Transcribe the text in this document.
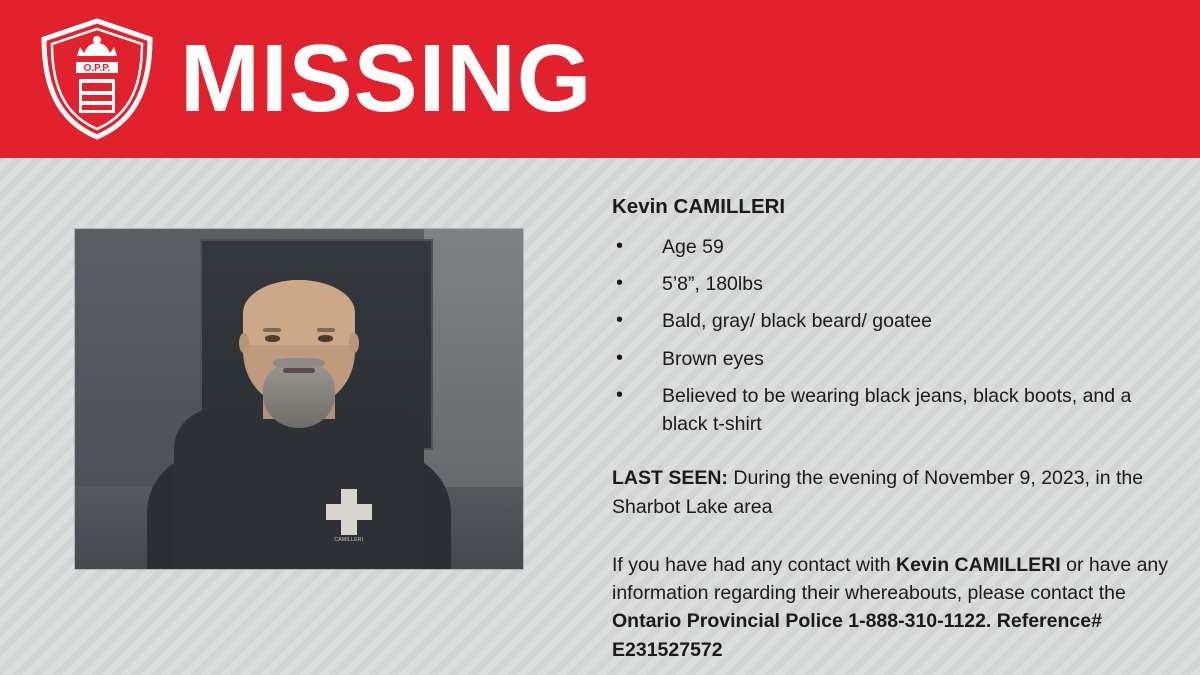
O.P.P. MISSING
CAMILLERI
Kevin CAMILLERI
• Age 59
• 5’8”, 180lbs
• Bald, gray/ black beard/ goatee
• Brown eyes
• Believed to be wearing black jeans, black boots, and a black t-shirt
LAST SEEN: During the evening of November 9, 2023, in the Sharbot Lake area
If you have had any contact with Kevin CAMILLERI or have any information regarding their whereabouts, please contact the Ontario Provincial Police 1-888-310-1122. Reference# E231527572
